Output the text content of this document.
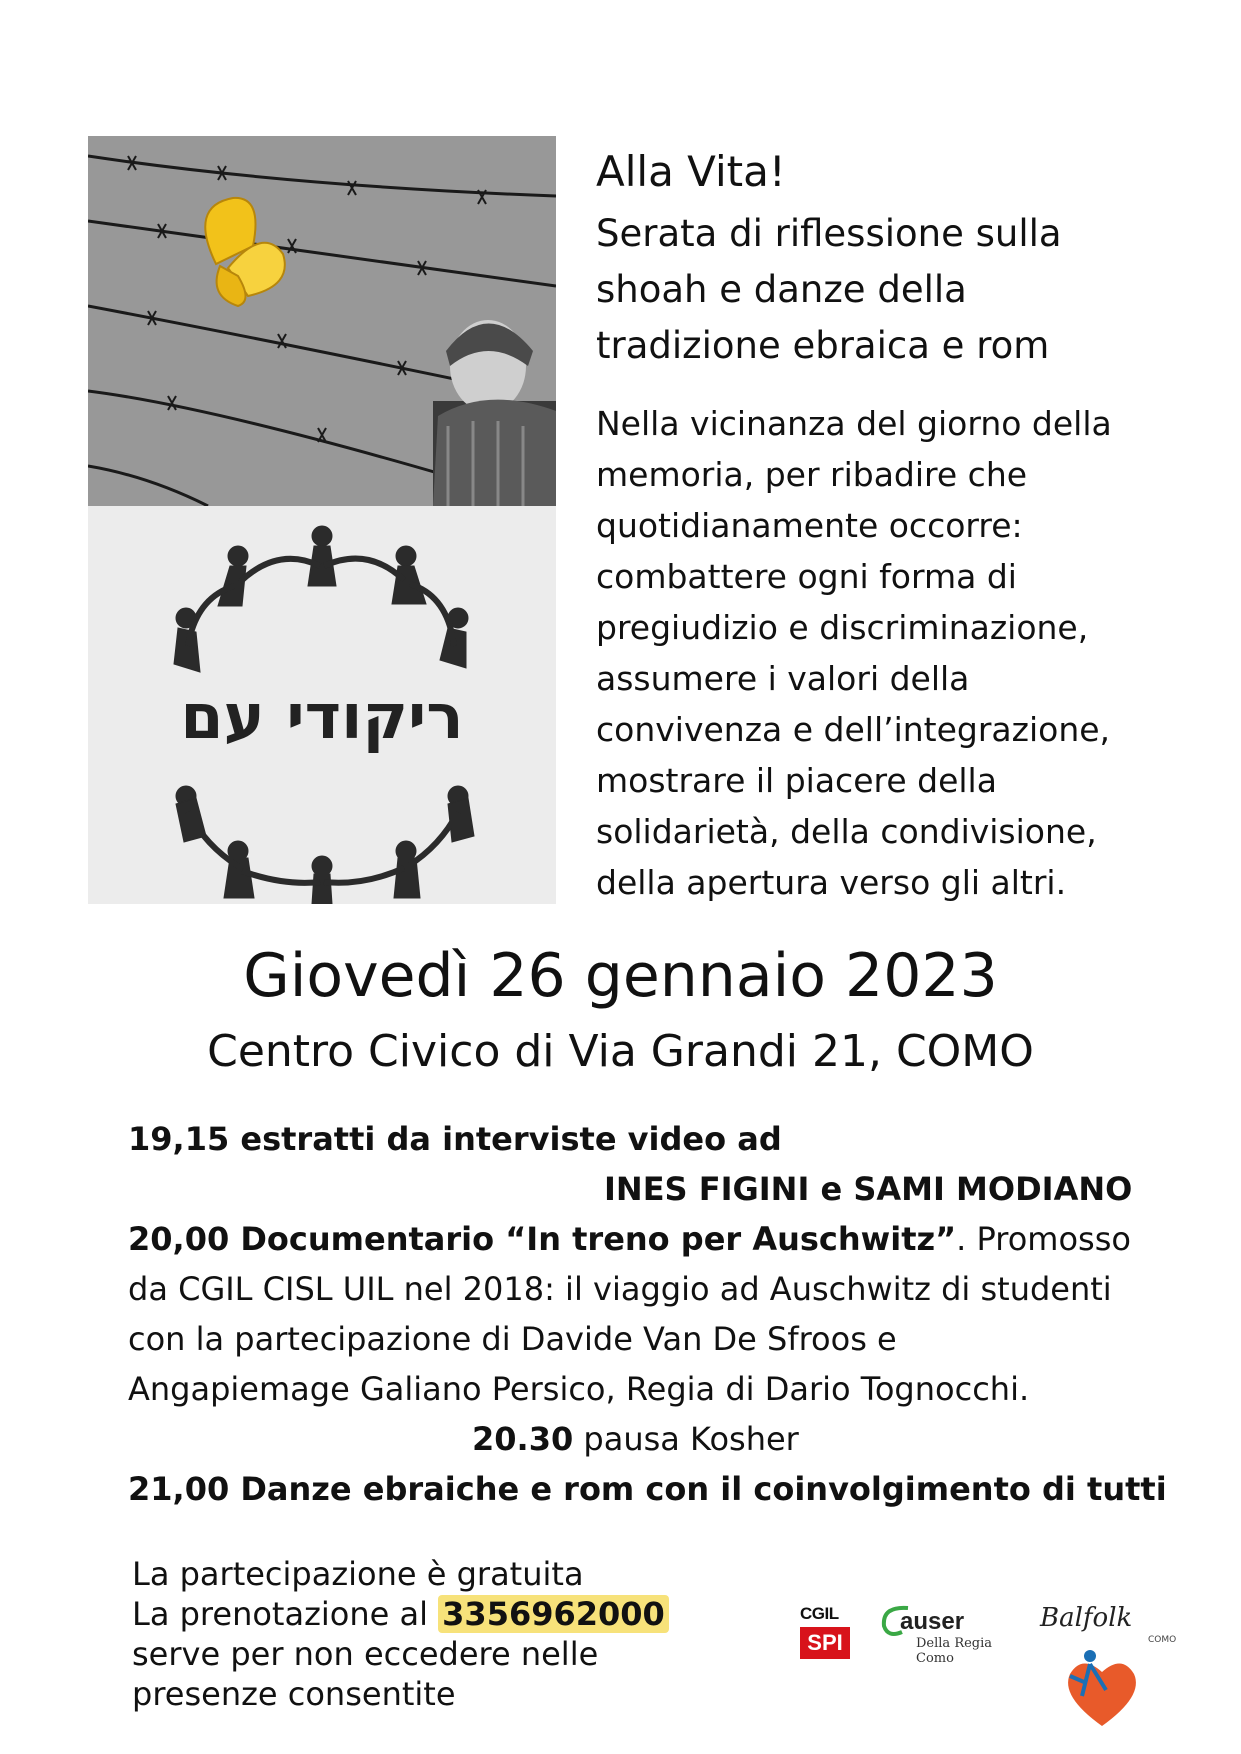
ריקודי עם
Alla Vita!
Serata di riflessione sulla
shoah e danze della
tradizione ebraica e rom

Nella vicinanza del giorno della

memoria, per ribadire che

quotidianamente occorre:

combattere ogni forma di

pregiudizio e discriminazione,

assumere i valori della

convivenza e dell’integrazione,

mostrare il piacere della

solidarietà, della condivisione,

della apertura verso gli altri.

Giovedì 26 gennaio 2023
Centro Civico di Via Grandi 21, COMO
19,15 estratti da interviste video ad
INES FIGINI e SAMI MODIANO
20,00 Documentario “In treno per Auschwitz”. Promosso
da CGIL CISL UIL nel 2018: il viaggio ad Auschwitz di studenti
con la partecipazione di Davide Van De Sfroos e
Angapiemage Galiano Persico, Regia di Dario Tognocchi.
20.30 pausa Kosher
21,00 Danze ebraiche e rom con il coinvolgimento di tutti
La partecipazione è gratuita
La prenotazione al 3356962000
serve per non eccedere nelle
presenze consentite
CGIL
SPI
auser
Della Regia
Como
Balfolk
COMO
